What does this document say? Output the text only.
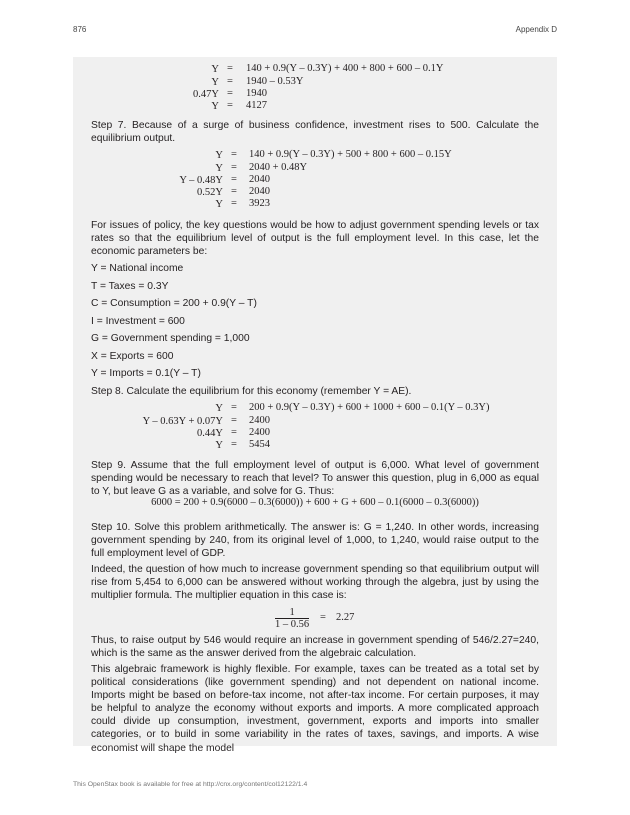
876	Appendix D
Y = 140 + 0.9(Y – 0.3Y) + 400 + 800 + 600 – 0.1Y
Y = 1940 – 0.53Y
0.47Y = 1940
Y = 4127

Step 7. Because of a surge of business confidence, investment rises to 500. Calculate the equilibrium output.

Y = 140 + 0.9(Y – 0.3Y) + 500 + 800 + 600 – 0.15Y
Y = 2040 + 0.48Y
Y – 0.48Y = 2040
0.52Y = 2040
Y = 3923

For issues of policy, the key questions would be how to adjust government spending levels or tax rates so that the equilibrium level of output is the full employment level. In this case, let the economic parameters be:

Y = National income

T = Taxes = 0.3Y

C = Consumption = 200 + 0.9(Y – T)

I = Investment = 600

G = Government spending = 1,000

X = Exports = 600

Y = Imports = 0.1(Y – T)

Step 8. Calculate the equilibrium for this economy (remember Y = AE).

Y = 200 + 0.9(Y – 0.3Y) + 600 + 1000 + 600 – 0.1(Y – 0.3Y)
Y – 0.63Y + 0.07Y = 2400
0.44Y = 2400
Y = 5454

Step 9. Assume that the full employment level of output is 6,000. What level of government spending would be necessary to reach that level? To answer this question, plug in 6,000 as equal to Y, but leave G as a variable, and solve for G. Thus:

6000 = 200 + 0.9(6000 – 0.3(6000)) + 600 + G + 600 – 0.1(6000 – 0.3(6000))

Step 10. Solve this problem arithmetically. The answer is: G = 1,240. In other words, increasing government spending by 240, from its original level of 1,000, to 1,240, would raise output to the full employment level of GDP.

Indeed, the question of how much to increase government spending so that equilibrium output will rise from 5,454 to 6,000 can be answered without working through the algebra, just by using the multiplier formula. The multiplier equation in this case is:

$\frac{1}{1 - 0.56} = 2.27$

Thus, to raise output by 546 would require an increase in government spending of 546/2.27=240, which is the same as the answer derived from the algebraic calculation.

This algebraic framework is highly flexible. For example, taxes can be treated as a total set by political considerations (like government spending) and not dependent on national income. Imports might be based on before-tax income, not after-tax income. For certain purposes, it may be helpful to analyze the economy without exports and imports. A more complicated approach could divide up consumption, investment, government, exports and imports into smaller categories, or to build in some variability in the rates of taxes, savings, and imports. A wise economist will shape the model

This OpenStax book is available for free at http://cnx.org/content/col12122/1.4
